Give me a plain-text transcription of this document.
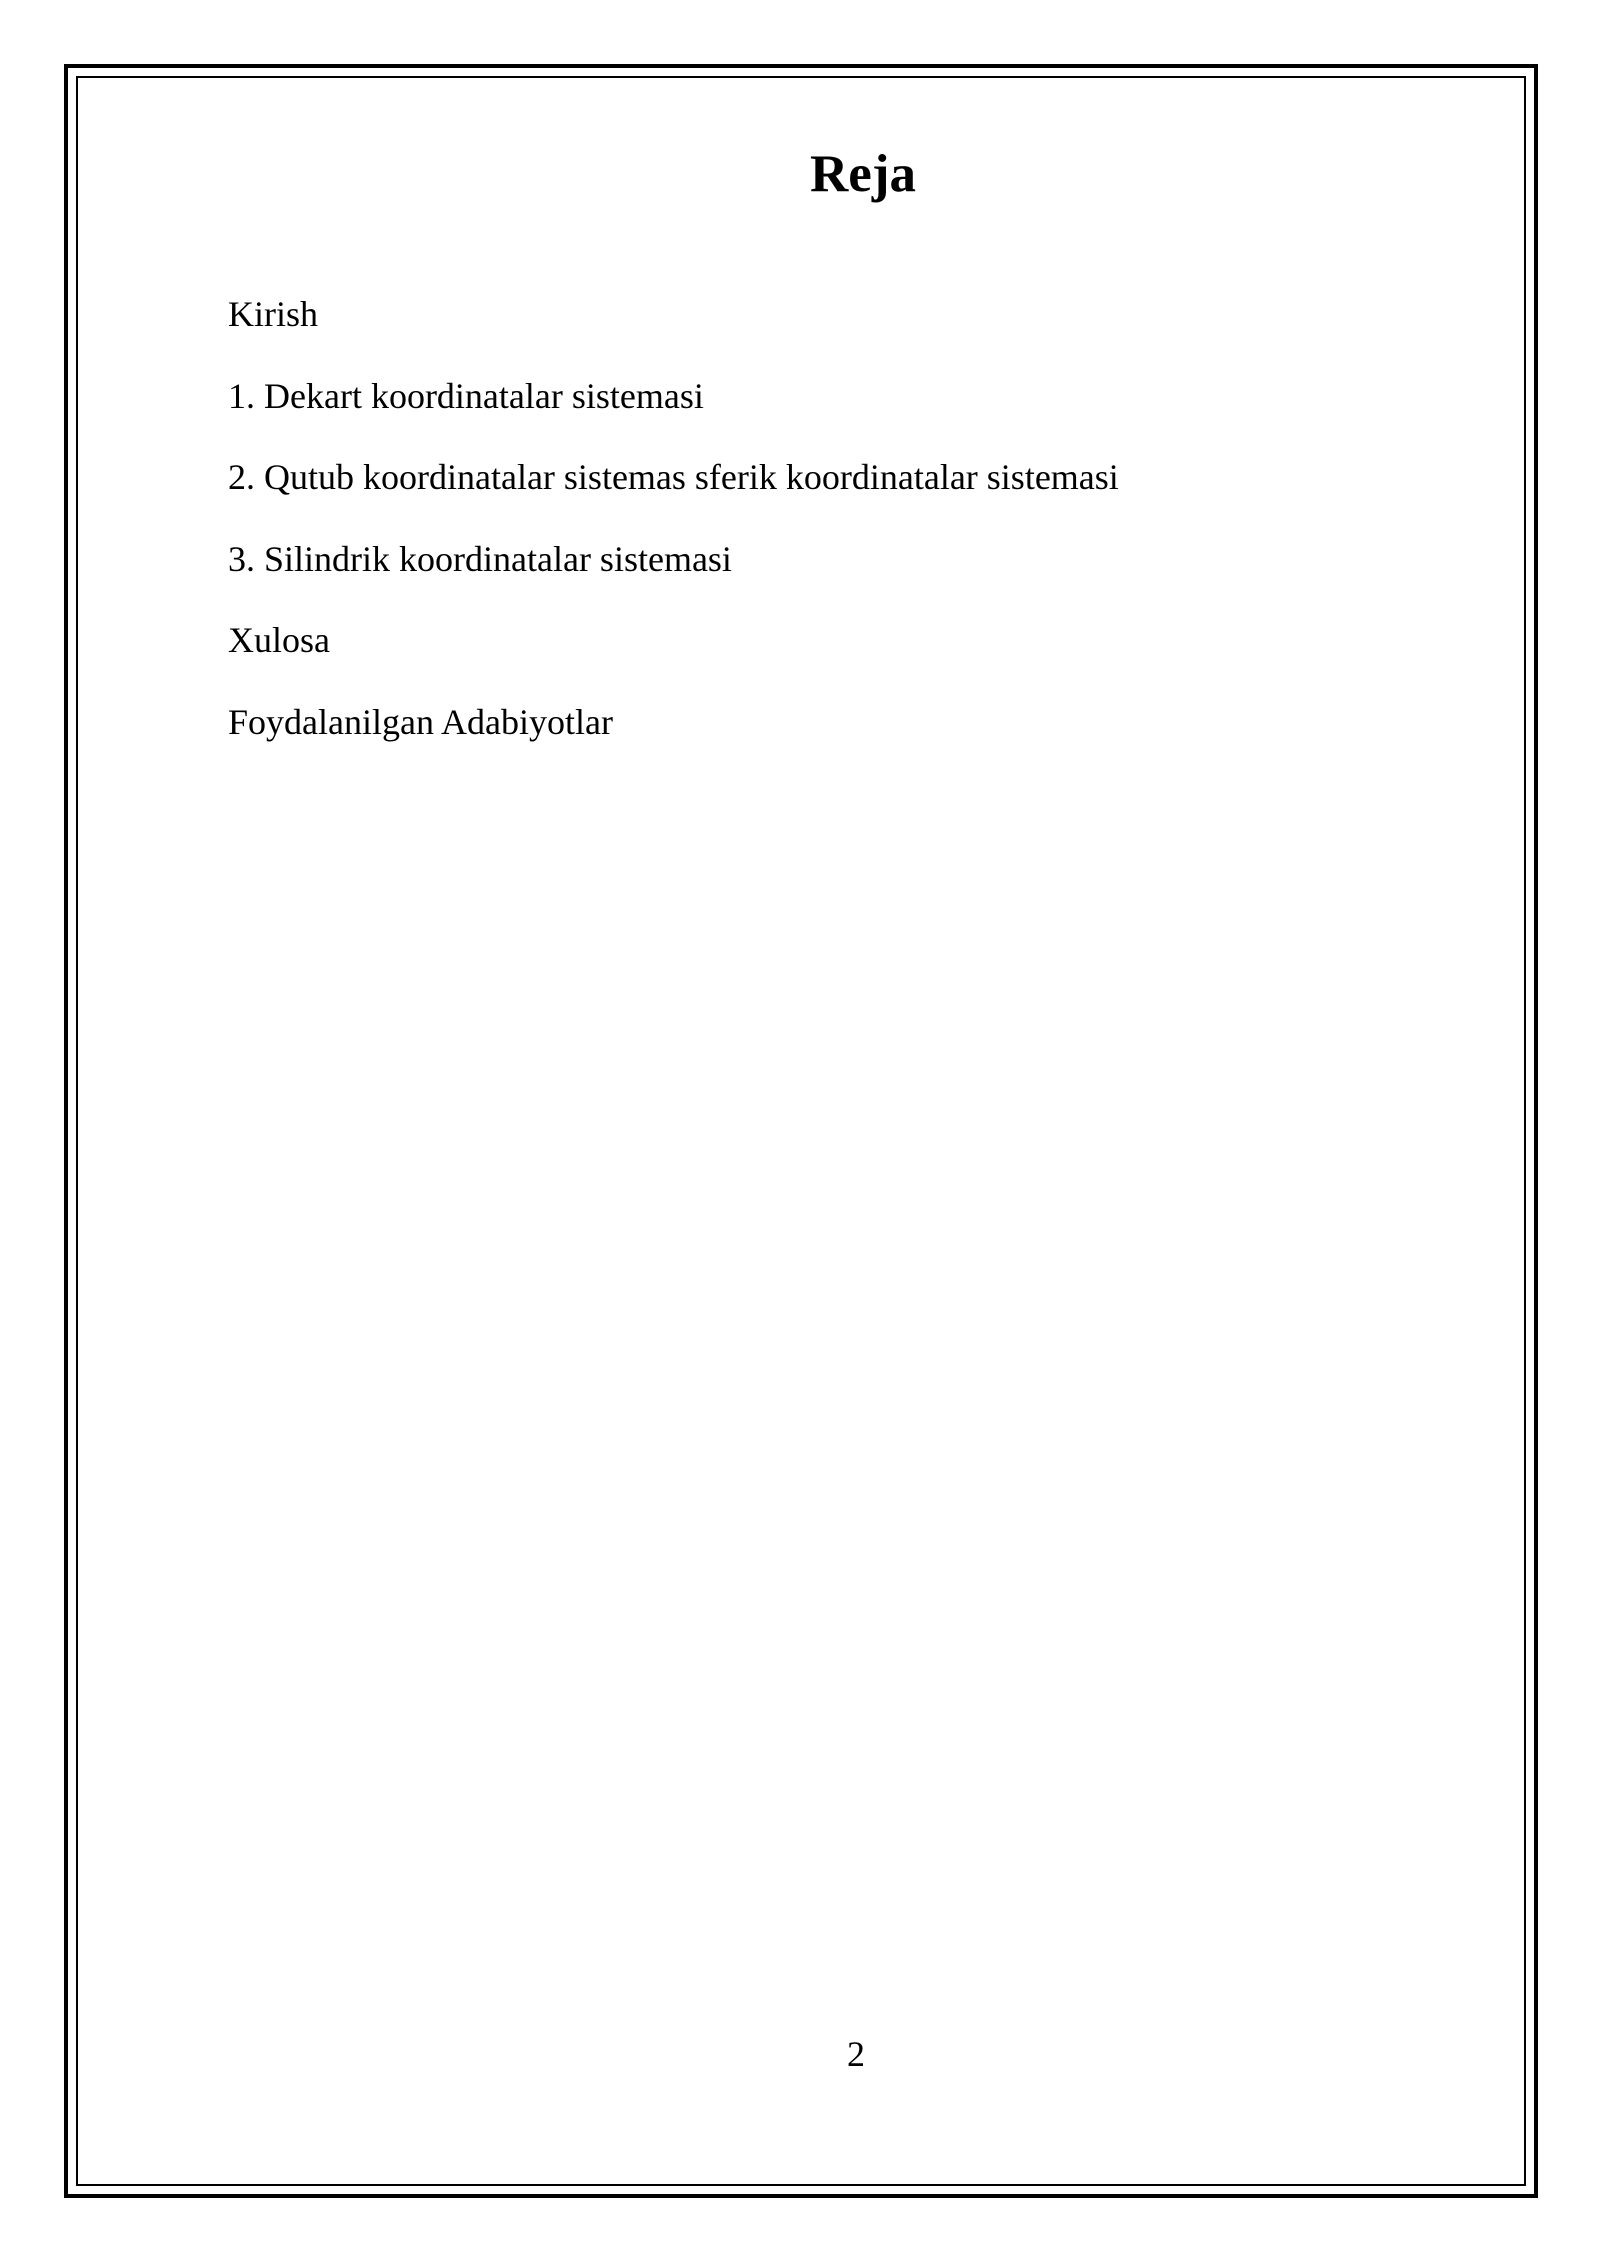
Reja
Kirish
1. Dekart koordinatalar sistemasi
2. Qutub koordinatalar sistemas sferik koordinatalar sistemasi
3. Silindrik koordinatalar sistemasi
Xulosa
Foydalanilgan Adabiyotlar
2
